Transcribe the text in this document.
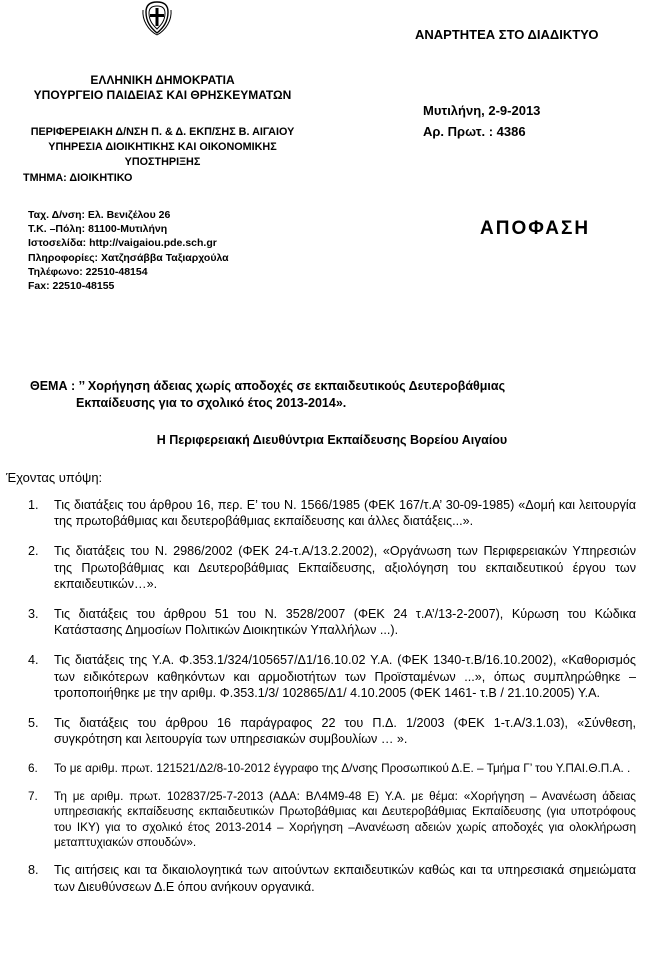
ΑΝΑΡΤΗΤΕΑ ΣΤΟ ΔΙΑΔΙΚΤΥΟ
ΕΛΛΗΝΙΚΗ ΔΗΜΟΚΡΑΤΙΑ
ΥΠΟΥΡΓΕΙΟ ΠΑΙΔΕΙΑΣ ΚΑΙ ΘΡΗΣΚΕΥΜΑΤΩΝ
ΠΕΡΙΦΕΡΕΙΑΚΗ Δ/ΝΣΗ Π. & Δ. ΕΚΠ/ΣΗΣ Β. ΑΙΓΑΙΟΥ
ΥΠΗΡΕΣΙΑ ΔΙΟΙΚΗΤΙΚΗΣ ΚΑΙ ΟΙΚΟΝΟΜΙΚΗΣ
ΥΠΟΣΤΗΡΙΞΗΣ
ΤΜΗΜΑ: ΔΙΟΙΚΗΤΙΚΟ
Μυτιλήνη, 2-9-2013
Αρ. Πρωτ. : 4386
Ταχ. Δ/νση: Ελ. Βενιζέλου 26
Τ.Κ. –Πόλη: 81100-Μυτιλήνη
Ιστοσελίδα: http://vaigaiou.pde.sch.gr
Πληροφορίες: Χατζησάββα Ταξιαρχούλα
Τηλέφωνο: 22510-48154
Fax: 22510-48155
ΑΠΟΦΑΣΗ
ΘΕΜΑ : ’’ Χορήγηση άδειας χωρίς αποδοχές σε εκπαιδευτικούς Δευτεροβάθμιας
Εκπαίδευσης για το σχολικό έτος 2013-2014».
Η Περιφερειακή Διευθύντρια Εκπαίδευσης Βορείου Αιγαίου
Έχοντας υπόψη:
1. Τις διατάξεις του άρθρου 16, περ. Ε’ του Ν. 1566/1985 (ΦΕΚ 167/τ.Α’ 30-09-1985) «Δομή και λειτουργία της πρωτοβάθμιας και δευτεροβάθμιας εκπαίδευσης και άλλες διατάξεις...».
2. Τις διατάξεις του Ν. 2986/2002 (ΦΕΚ 24-τ.Α/13.2.2002), «Οργάνωση των Περιφερειακών Υπηρεσιών της Πρωτοβάθμιας και Δευτεροβάθμιας Εκπαίδευσης, αξιολόγηση του εκπαιδευτικού έργου των εκπαιδευτικών…».
3. Τις διατάξεις του άρθρου 51 του Ν. 3528/2007 (ΦΕΚ 24 τ.Α’/13-2-2007), Κύρωση του Κώδικα Κατάστασης Δημοσίων Πολιτικών Διοικητικών Υπαλλήλων ...).
4. Τις διατάξεις της Υ.Α. Φ.353.1/324/105657/Δ1/16.10.02 Υ.Α. (ΦΕΚ 1340-τ.Β/16.10.2002), «Καθορισμός των ειδικότερων καθηκόντων και αρμοδιοτήτων των Προϊσταμένων ...», όπως συμπληρώθηκε – τροποποιήθηκε με την αριθμ. Φ.353.1/3/ 102865/Δ1/ 4.10.2005 (ΦΕΚ 1461- τ.Β / 21.10.2005) Υ.Α.
5. Τις διατάξεις του άρθρου 16 παράγραφος 22 του Π.Δ. 1/2003 (ΦΕΚ 1-τ.Α/3.1.03), «Σύνθεση, συγκρότηση και λειτουργία των υπηρεσιακών συμβουλίων … ».
6. Το με αριθμ. πρωτ. 121521/Δ2/8-10-2012 έγγραφο της Δ/νσης Προσωπικού Δ.Ε. – Τμήμα Γ’ του Υ.ΠΑΙ.Θ.Π.Α. .
7. Τη με αριθμ. πρωτ. 102837/25-7-2013 (ΑΔΑ: ΒΛ4Μ9-48 Ε) Υ.Α. με θέμα: «Χορήγηση – Ανανέωση άδειας υπηρεσιακής εκπαίδευσης εκπαιδευτικών Πρωτοβάθμιας και Δευτεροβάθμιας Εκπαίδευσης (για υποτρόφους του ΙΚΥ) για το σχολικό έτος 2013-2014 – Χορήγηση –Ανανέωση αδειών χωρίς αποδοχές για ολοκλήρωση μεταπτυχιακών σπουδών».
8. Τις αιτήσεις και τα δικαιολογητικά των αιτούντων εκπαιδευτικών καθώς και τα υπηρεσιακά σημειώματα των Διευθύνσεων Δ.Ε όπου ανήκουν οργανικά.
